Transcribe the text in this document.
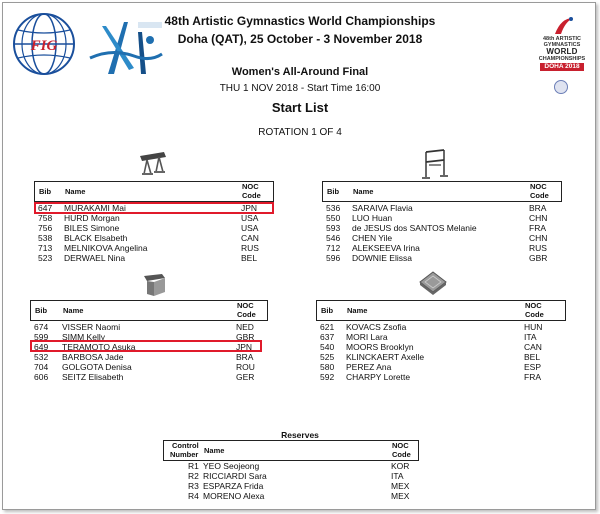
FIG	48th ARTISTIC
GYMNASTICS
WORLD
CHAMPIONSHIPS
DOHA 2018
48th Artistic Gymnastics World Championships
Doha (QAT), 25 October - 3 November 2018
Women's All-Around Final
THU 1 NOV 2018 - Start Time 16:00
Start List
ROTATION 1 OF 4
Bib Name
NOC
Code
647 MURAKAMI Mai	JPN
758 HURD Morgan	USA
756 BILES Simone	USA
538 BLACK Elsabeth	CAN
713 MELNIKOVA Angelina	RUS
523 DERWAEL Nina	BEL
Bib Name
NOC
Code
536 SARAIVA Flavia	BRA
550 LUO Huan	CHN
593 de JESUS dos SANTOS Melanie	FRA
546 CHEN Yile	CHN
712 ALEKSEEVA Irina	RUS
596 DOWNIE Elissa	GBR
Bib Name
NOC
Code
674 VISSER Naomi	NED
599 SIMM Kelly	GBR
649 TERAMOTO Asuka	JPN
532 BARBOSA Jade	BRA
704 GOLGOTA Denisa	ROU
606 SEITZ Elisabeth	GER
Bib Name
NOC
Code
621 KOVACS Zsofia	HUN
637 MORI Lara	ITA
540 MOORS Brooklyn	CAN
525 KLINCKAERT Axelle	BEL
580 PEREZ Ana	ESP
592 CHARPY Lorette	FRA
Reserves
Control
Number Name
NOC
Code
R1 YEO Seojeong	KOR
R2 RICCIARDI Sara	ITA
R3 ESPARZA Frida	MEX
R4 MORENO Alexa	MEX
